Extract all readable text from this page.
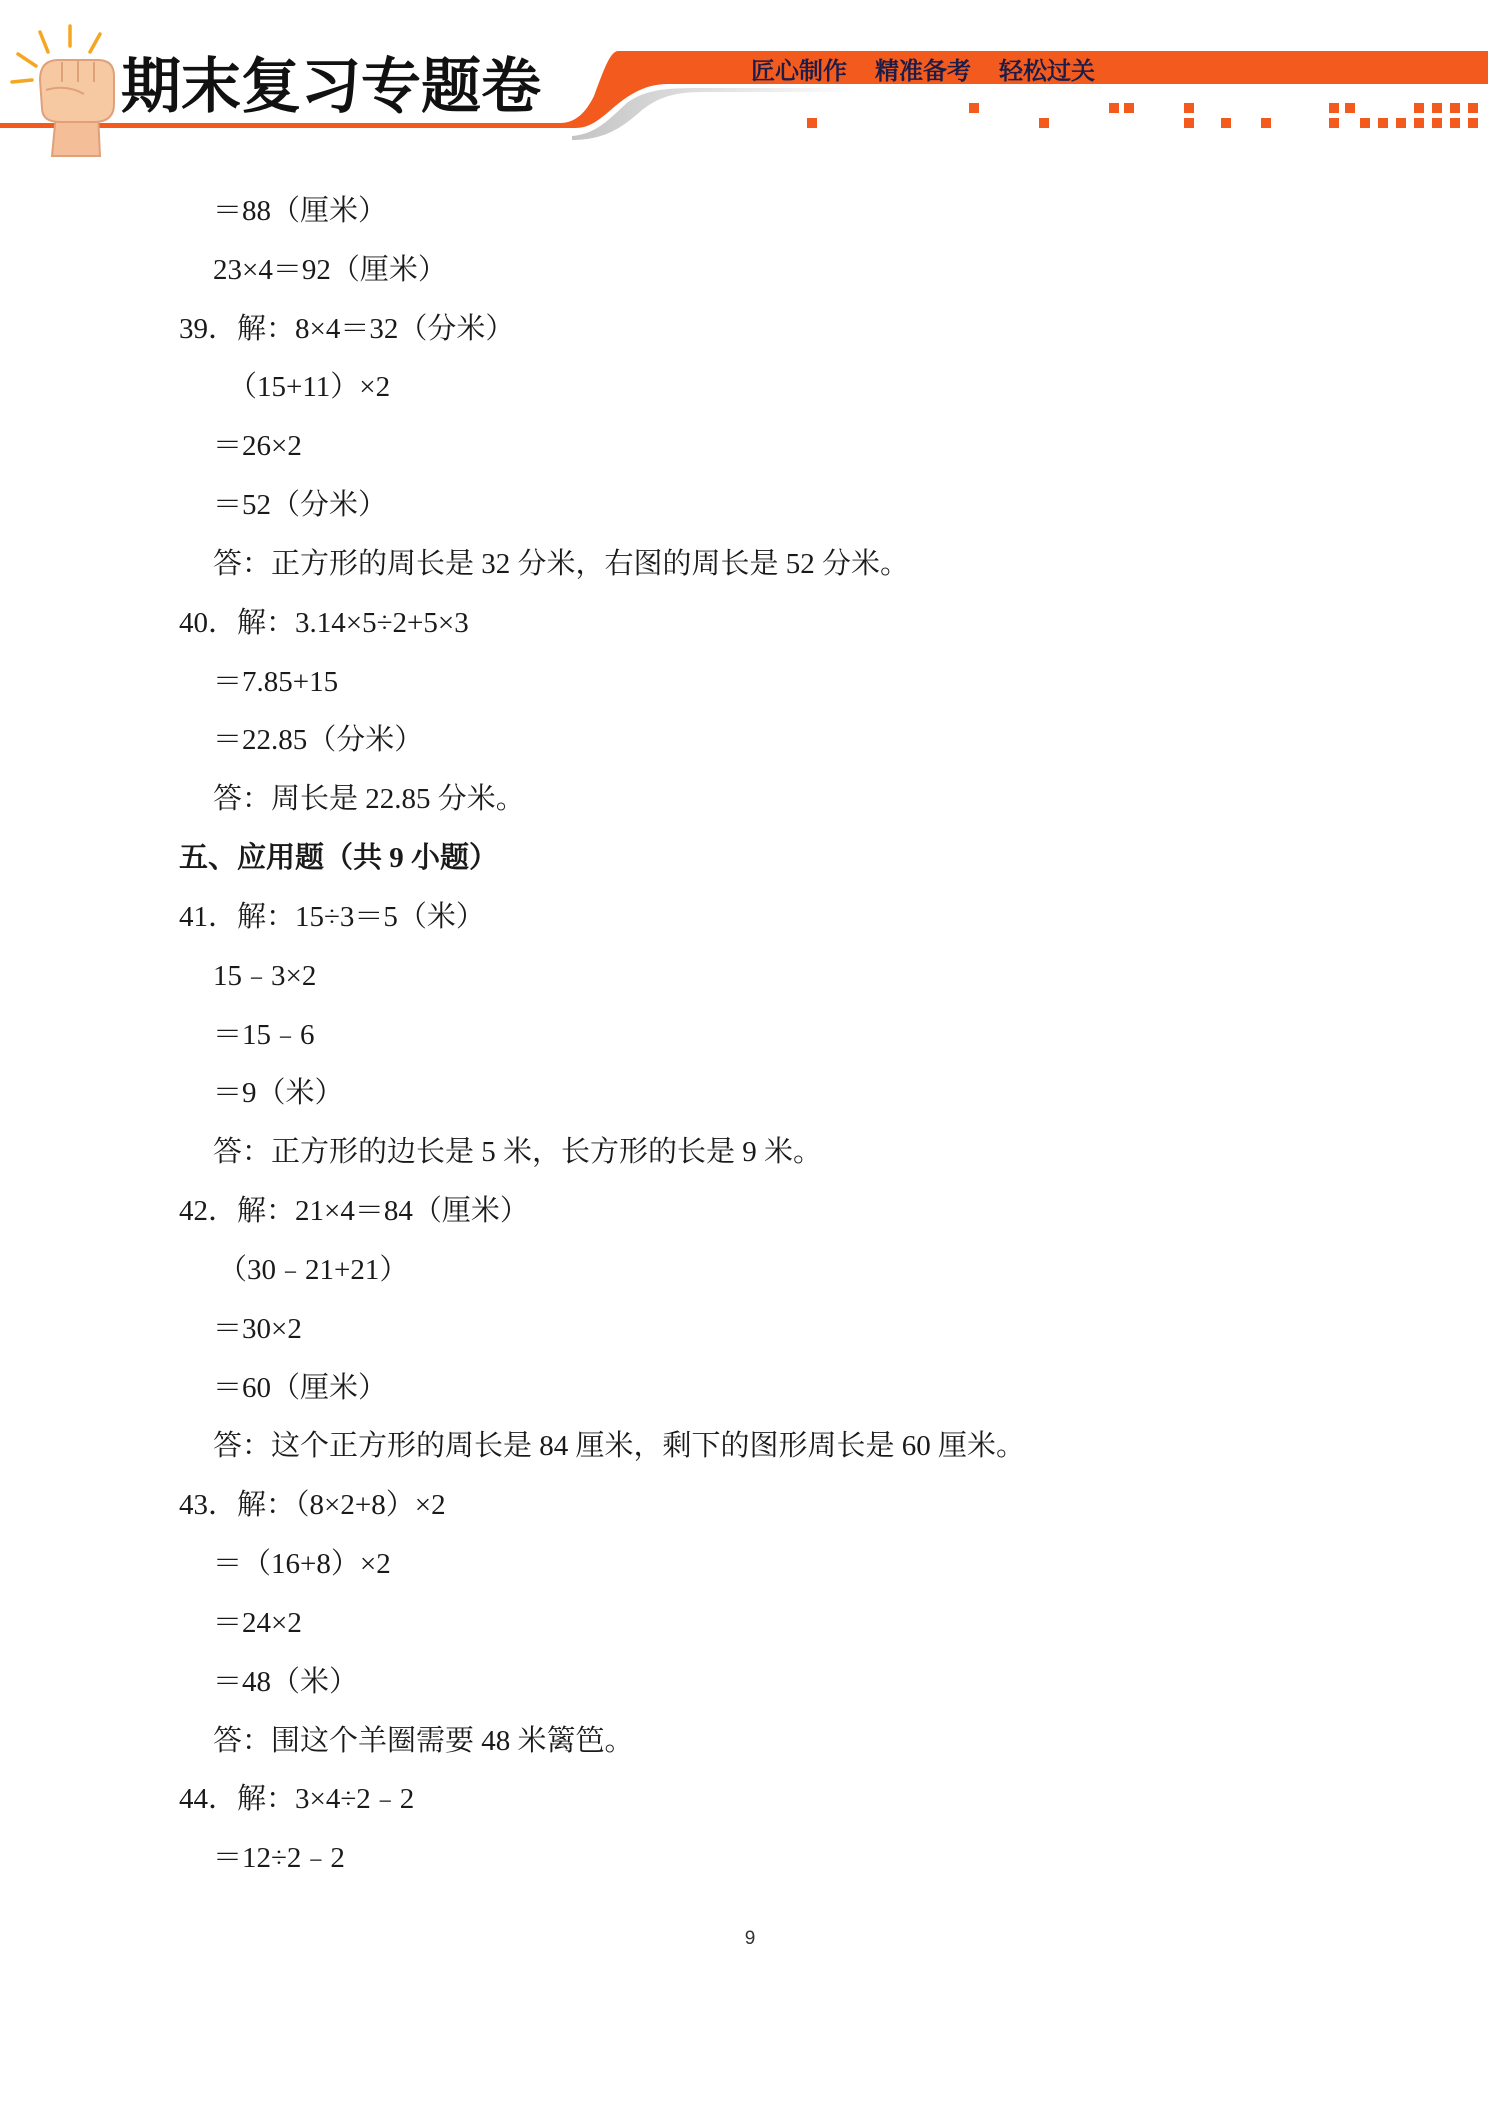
期末复习专题卷	匠心制作 精准备考 轻松过关
＝88（厘米）
23×4＝92（厘米）
39．解：8×4＝32（分米）
（15+11）×2
＝26×2
＝52（分米）
答：正方形的周长是 32 分米，右图的周长是 52 分米。
40．解：3.14×5÷2+5×3
＝7.85+15
＝22.85（分米）
答：周长是 22.85 分米。
五、应用题（共 9 小题）
41．解：15÷3＝5（米）
15﹣3×2
＝15﹣6
＝9（米）
答：正方形的边长是 5 米，长方形的长是 9 米。
42．解：21×4＝84（厘米）
（30﹣21+21）
＝30×2
＝60（厘米）
答：这个正方形的周长是 84 厘米，剩下的图形周长是 60 厘米。
43．解：（8×2+8）×2
＝（16+8）×2
＝24×2
＝48（米）
答：围这个羊圈需要 48 米篱笆。
44．解：3×4÷2﹣2
＝12÷2﹣2
9
